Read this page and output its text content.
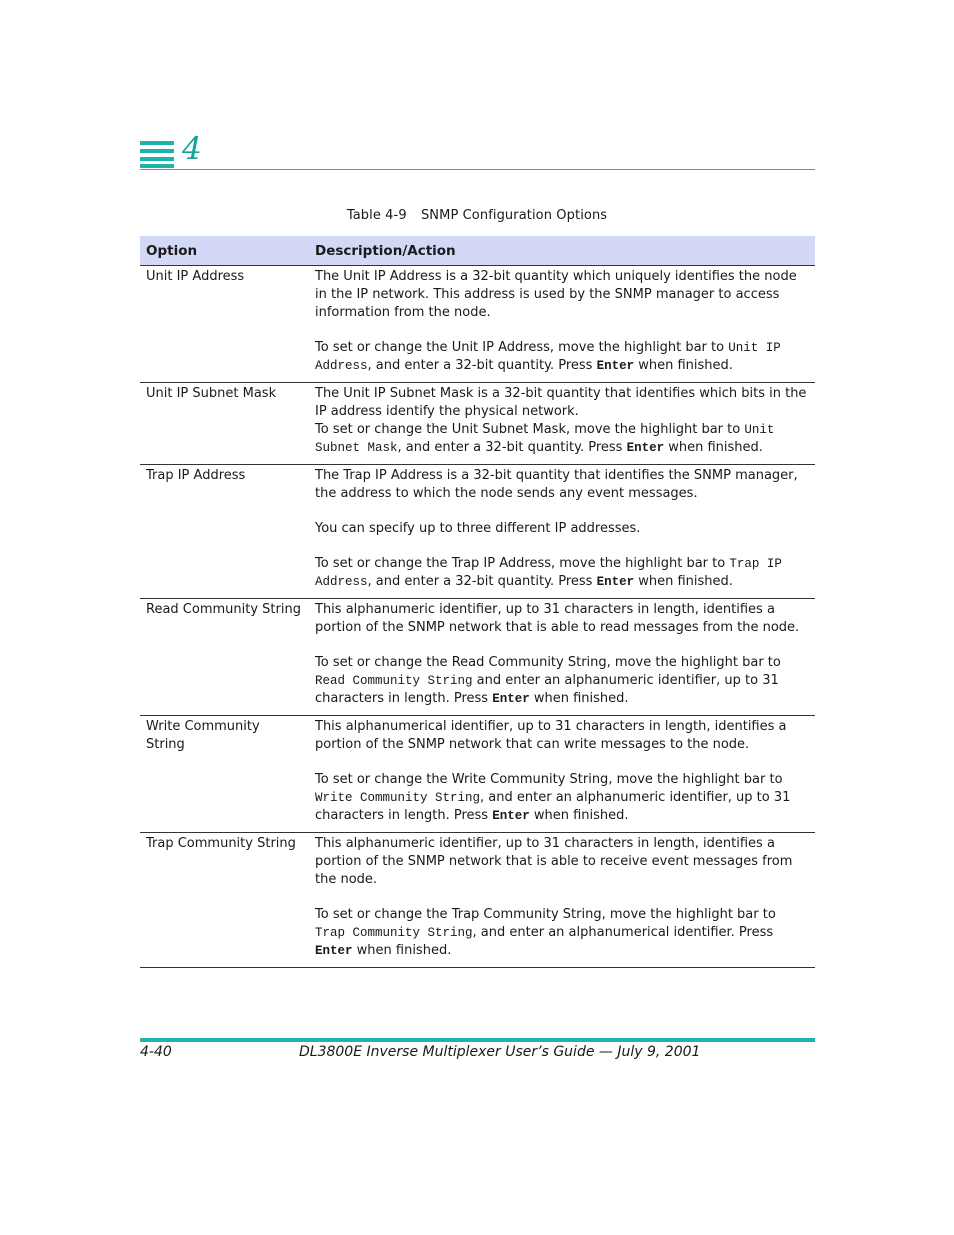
4
Table 4-9 SNMP Configuration Options
Option	Description/Action
Unit IP Address	The Unit IP Address is a 32-bit quantity which uniquely identifies the node in the IP network. This address is used by the SNMP manager to access information from the node.

To set or change the Unit IP Address, move the highlight bar to Unit IP Address, and enter a 32-bit quantity. Press Enter when finished.

Unit IP Subnet Mask	The Unit IP Subnet Mask is a 32-bit quantity that identifies which bits in the IP address identify the physical network.

To set or change the Unit Subnet Mask, move the highlight bar to Unit Subnet Mask, and enter a 32-bit quantity. Press Enter when finished.

Trap IP Address	The Trap IP Address is a 32-bit quantity that identifies the SNMP manager, the address to which the node sends any event messages.

You can specify up to three different IP addresses.

To set or change the Trap IP Address, move the highlight bar to Trap IP Address, and enter a 32-bit quantity. Press Enter when finished.

Read Community String	This alphanumeric identifier, up to 31 characters in length, identifies a portion of the SNMP network that is able to read messages from the node.

To set or change the Read Community String, move the highlight bar to Read Community String and enter an alphanumeric identifier, up to 31 characters in length. Press Enter when finished.

Write Community String	This alphanumerical identifier, up to 31 characters in length, identifies a portion of the SNMP network that can write messages to the node.

To set or change the Write Community String, move the highlight bar to Write Community String, and enter an alphanumeric identifier, up to 31 characters in length. Press Enter when finished.

Trap Community String	This alphanumeric identifier, up to 31 characters in length, identifies a portion of the SNMP network that is able to receive event messages from the node.

To set or change the Trap Community String, move the highlight bar to Trap Community String, and enter an alphanumerical identifier. Press Enter when finished.

4-40	DL3800E Inverse Multiplexer User’s Guide — July 9, 2001
